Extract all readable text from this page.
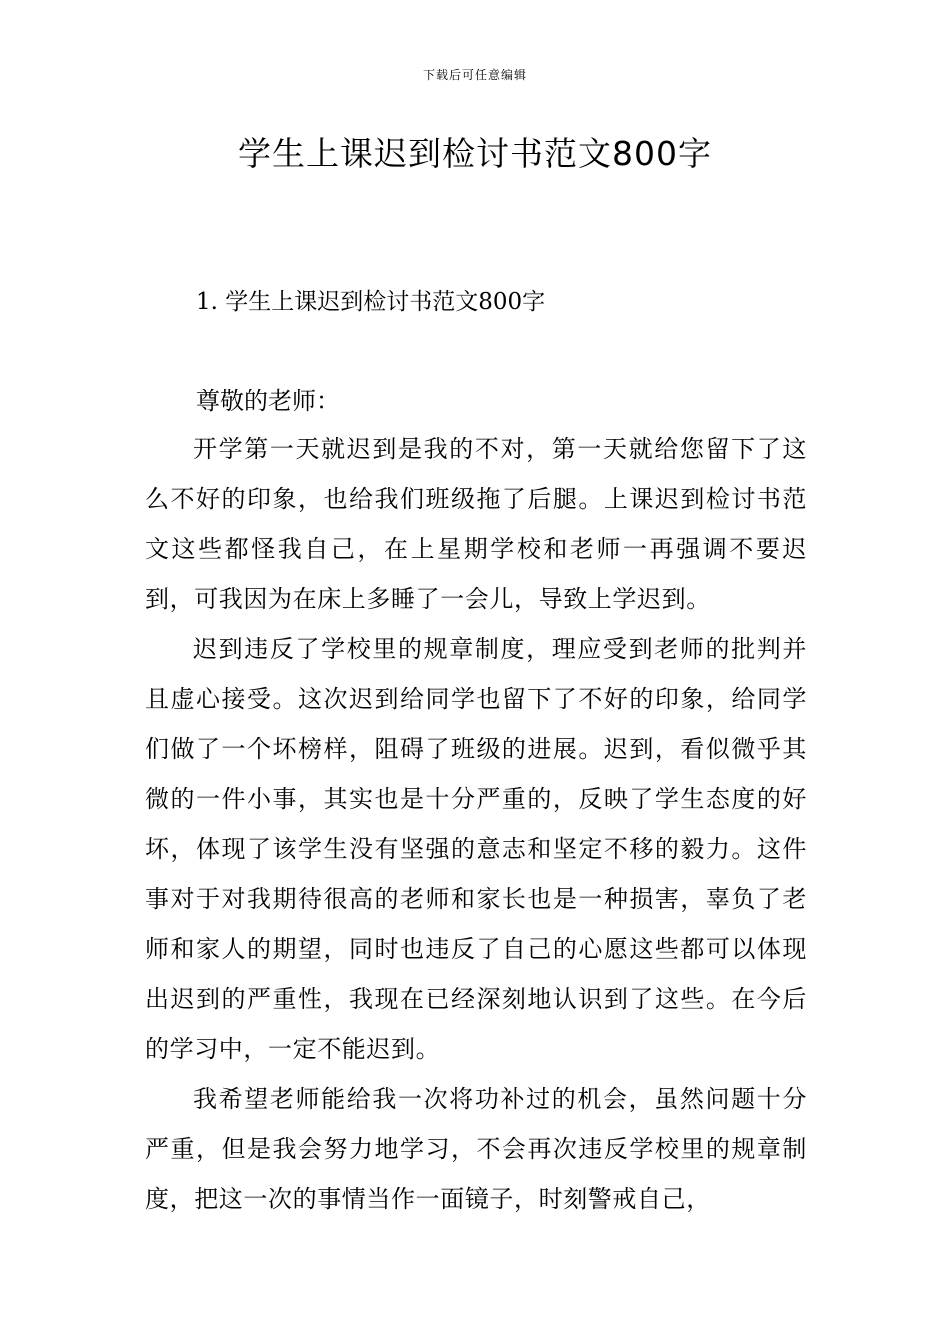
下载后可任意编辑
学生上课迟到检讨书范文800字
1. 学生上课迟到检讨书范文800字

尊敬的老师：

开学第一天就迟到是我的不对，第一天就给您留下了这么不好的印象，也给我们班级拖了后腿。上课迟到检讨书范文这些都怪我自己，在上星期学校和老师一再强调不要迟到，可我因为在床上多睡了一会儿，导致上学迟到。

迟到违反了学校里的规章制度，理应受到老师的批判并且虚心接受。这次迟到给同学也留下了不好的印象，给同学们做了一个坏榜样，阻碍了班级的进展。迟到，看似微乎其微的一件小事，其实也是十分严重的，反映了学生态度的好坏，体现了该学生没有坚强的意志和坚定不移的毅力。这件事对于对我期待很高的老师和家长也是一种损害，辜负了老师和家人的期望，同时也违反了自己的心愿这些都可以体现出迟到的严重性，我现在已经深刻地认识到了这些。在今后的学习中，一定不能迟到。

我希望老师能给我一次将功补过的机会，虽然问题十分严重，但是我会努力地学习，不会再次违反学校里的规章制度，把这一次的事情当作一面镜子，时刻警戒自己，
